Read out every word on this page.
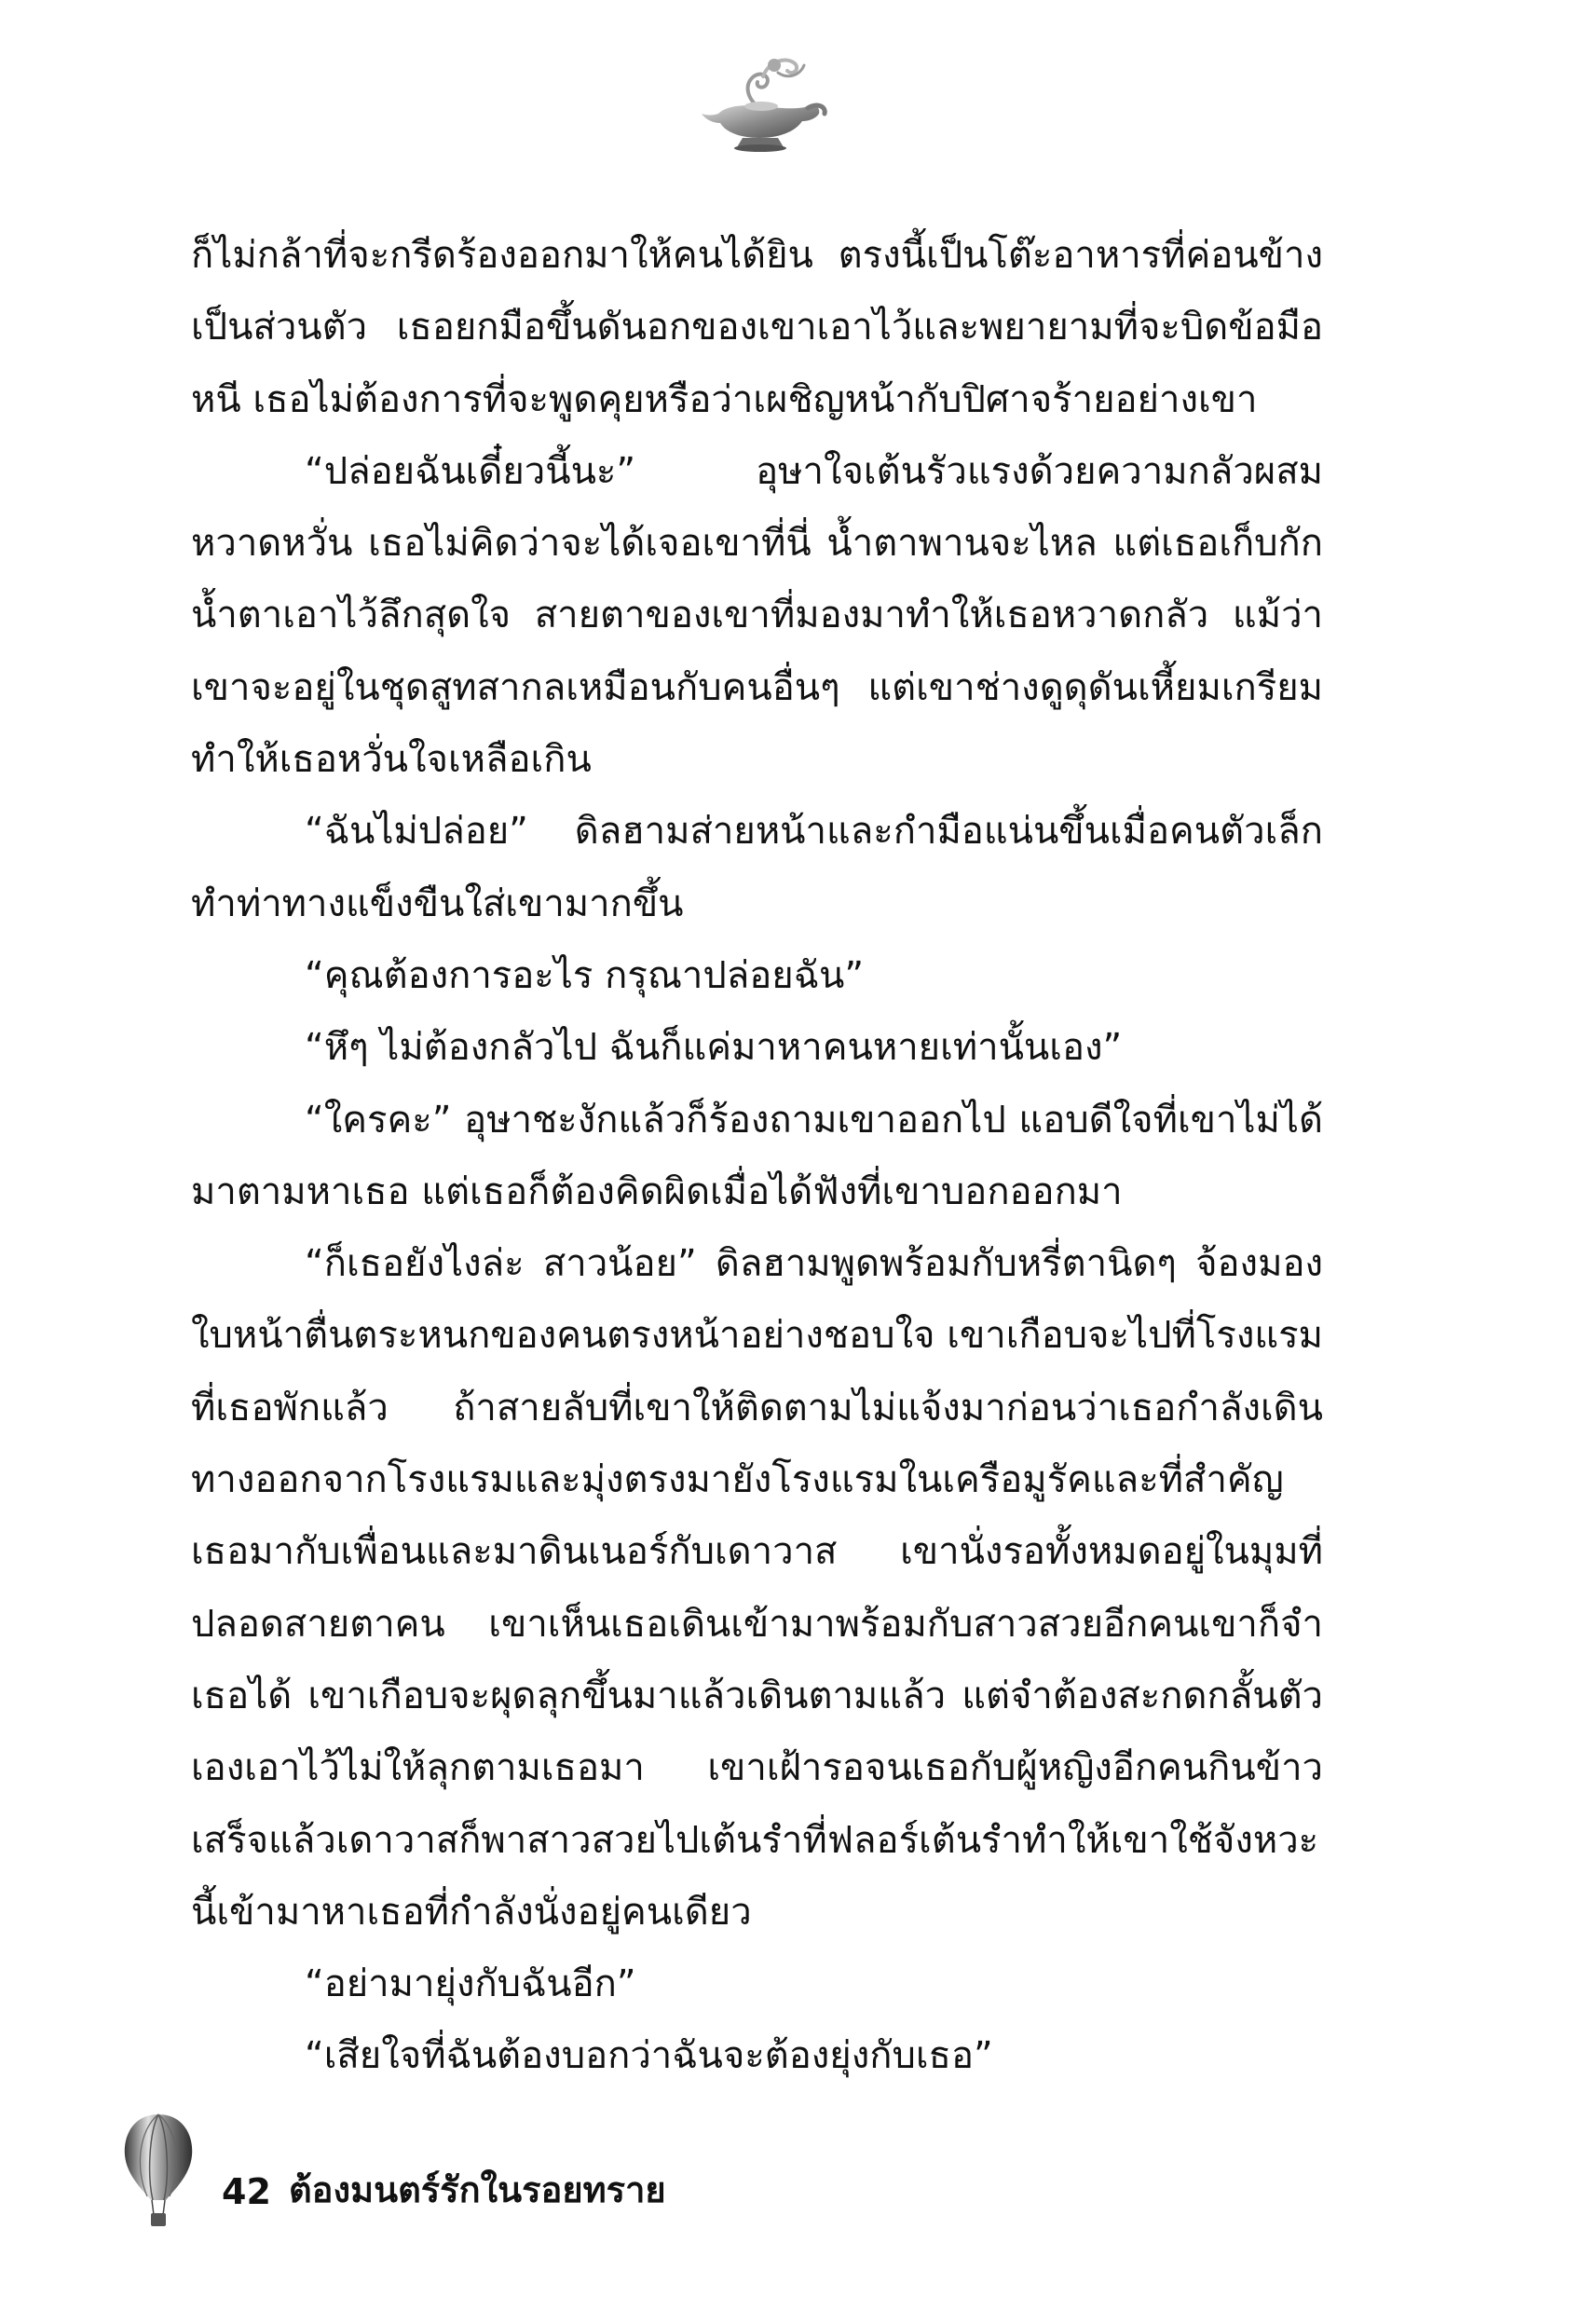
ก็ไม่กล้าที่จะกรีดร้องออกมาให้คนได้ยิน ตรงนี้เป็นโต๊ะอาหารที่ค่อนข้างเป็นส่วนตัว เธอยกมือขึ้นดันอกของเขาเอาไว้และพยายามที่จะบิดข้อมือหนี เธอไม่ต้องการที่จะพูดคุยหรือว่าเผชิญหน้ากับปิศาจร้ายอย่างเขา

“ปล่อยฉันเดี๋ยวนี้นะ” อุษาใจเต้นรัวแรงด้วยความกลัวผสมหวาดหวั่น เธอไม่คิดว่าจะได้เจอเขาที่นี่ น้ำตาพานจะไหล แต่เธอเก็บกักน้ำตาเอาไว้ลึกสุดใจ สายตาของเขาที่มองมาทำให้เธอหวาดกลัว แม้ว่าเขาจะอยู่ในชุดสูทสากลเหมือนกับคนอื่นๆ แต่เขาช่างดูดุดันเหี้ยมเกรียมทำให้เธอหวั่นใจเหลือเกิน

“ฉันไม่ปล่อย” ดิลฮามส่ายหน้าและกำมือแน่นขึ้นเมื่อคนตัวเล็กทำท่าทางแข็งขืนใส่เขามากขึ้น

“คุณต้องการอะไร กรุณาปล่อยฉัน”

“หึๆ ไม่ต้องกลัวไป ฉันก็แค่มาหาคนหายเท่านั้นเอง”

“ใครคะ” อุษาชะงักแล้วก็ร้องถามเขาออกไป แอบดีใจที่เขาไม่ได้มาตามหาเธอ แต่เธอก็ต้องคิดผิดเมื่อได้ฟังที่เขาบอกออกมา

“ก็เธอยังไงล่ะ สาวน้อย” ดิลฮามพูดพร้อมกับหรี่ตานิดๆ จ้องมองใบหน้าตื่นตระหนกของคนตรงหน้าอย่างชอบใจ เขาเกือบจะไปที่โรงแรมที่เธอพักแล้ว ถ้าสายลับที่เขาให้ติดตามไม่แจ้งมาก่อนว่าเธอกำลังเดินทางออกจากโรงแรมและมุ่งตรงมายังโรงแรมในเครือมูรัคและที่สำคัญเธอมากับเพื่อนและมาดินเนอร์กับเดาวาส เขานั่งรอทั้งหมดอยู่ในมุมที่ปลอดสายตาคน เขาเห็นเธอเดินเข้ามาพร้อมกับสาวสวยอีกคนเขาก็จำเธอได้ เขาเกือบจะผุดลุกขึ้นมาแล้วเดินตามแล้ว แต่จำต้องสะกดกลั้นตัวเองเอาไว้ไม่ให้ลุกตามเธอมา เขาเฝ้ารอจนเธอกับผู้หญิงอีกคนกินข้าวเสร็จแล้วเดาวาสก็พาสาวสวยไปเต้นรำที่ฟลอร์เต้นรำทำให้เขาใช้จังหวะนี้เข้ามาหาเธอที่กำลังนั่งอยู่คนเดียว

“อย่ามายุ่งกับฉันอีก”

“เสียใจที่ฉันต้องบอกว่าฉันจะต้องยุ่งกับเธอ”

42 ต้องมนตร์รักในรอยทราย
